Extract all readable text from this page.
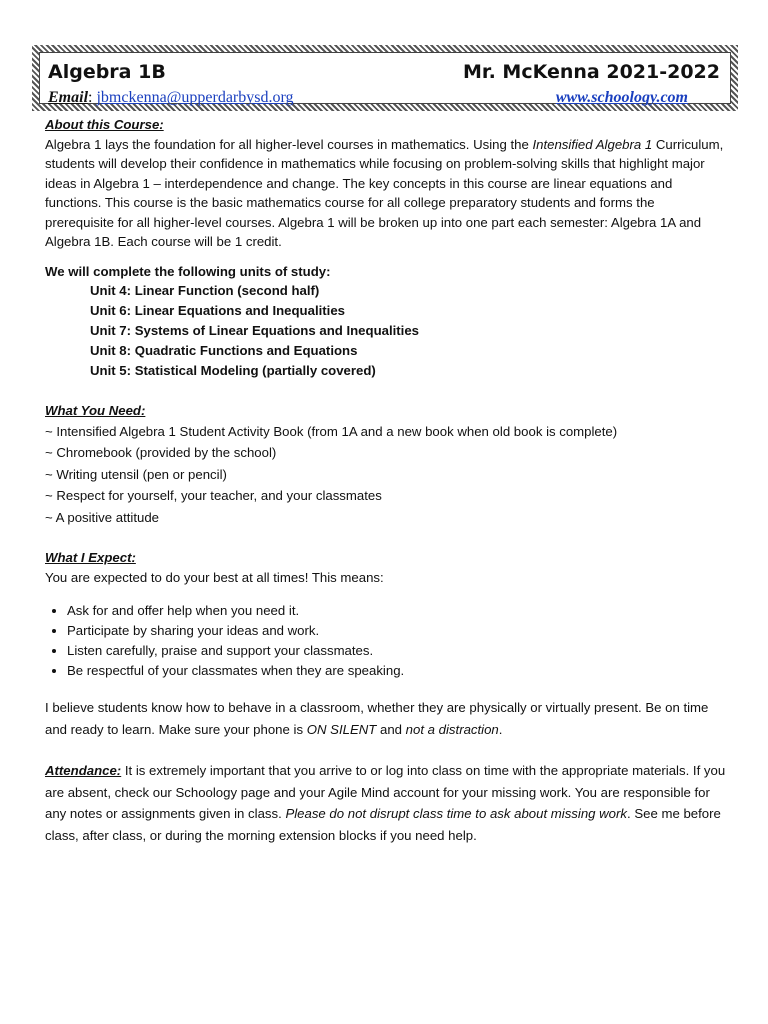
Algebra 1B	Mr. McKenna 2021-2022
Email: jbmckenna@upperdarbysd.org	www.schoology.com
About this Course:

Algebra 1 lays the foundation for all higher-level courses in mathematics. Using the Intensified Algebra 1 Curriculum, students will develop their confidence in mathematics while focusing on problem-solving skills that highlight major ideas in Algebra 1 – interdependence and change. The key concepts in this course are linear equations and functions. This course is the basic mathematics course for all college preparatory students and forms the prerequisite for all higher-level courses. Algebra 1 will be broken up into one part each semester: Algebra 1A and Algebra 1B. Each course will be 1 credit.

We will complete the following units of study:
Unit 4: Linear Function (second half)
Unit 6: Linear Equations and Inequalities
Unit 7: Systems of Linear Equations and Inequalities
Unit 8: Quadratic Functions and Equations
Unit 5: Statistical Modeling (partially covered)
What You Need:
~ Intensified Algebra 1 Student Activity Book (from 1A and a new book when old book is complete)
~ Chromebook (provided by the school)
~ Writing utensil (pen or pencil)
~ Respect for yourself, your teacher, and your classmates
~ A positive attitude
What I Expect:

You are expected to do your best at all times! This means:

• Ask for and offer help when you need it.
• Participate by sharing your ideas and work.
• Listen carefully, praise and support your classmates.
• Be respectful of your classmates when they are speaking.

I believe students know how to behave in a classroom, whether they are physically or virtually present. Be on time and ready to learn. Make sure your phone is ON SILENT and not a distraction.

Attendance: It is extremely important that you arrive to or log into class on time with the appropriate materials. If you are absent, check our Schoology page and your Agile Mind account for your missing work. You are responsible for any notes or assignments given in class. Please do not disrupt class time to ask about missing work. See me before class, after class, or during the morning extension blocks if you need help.
